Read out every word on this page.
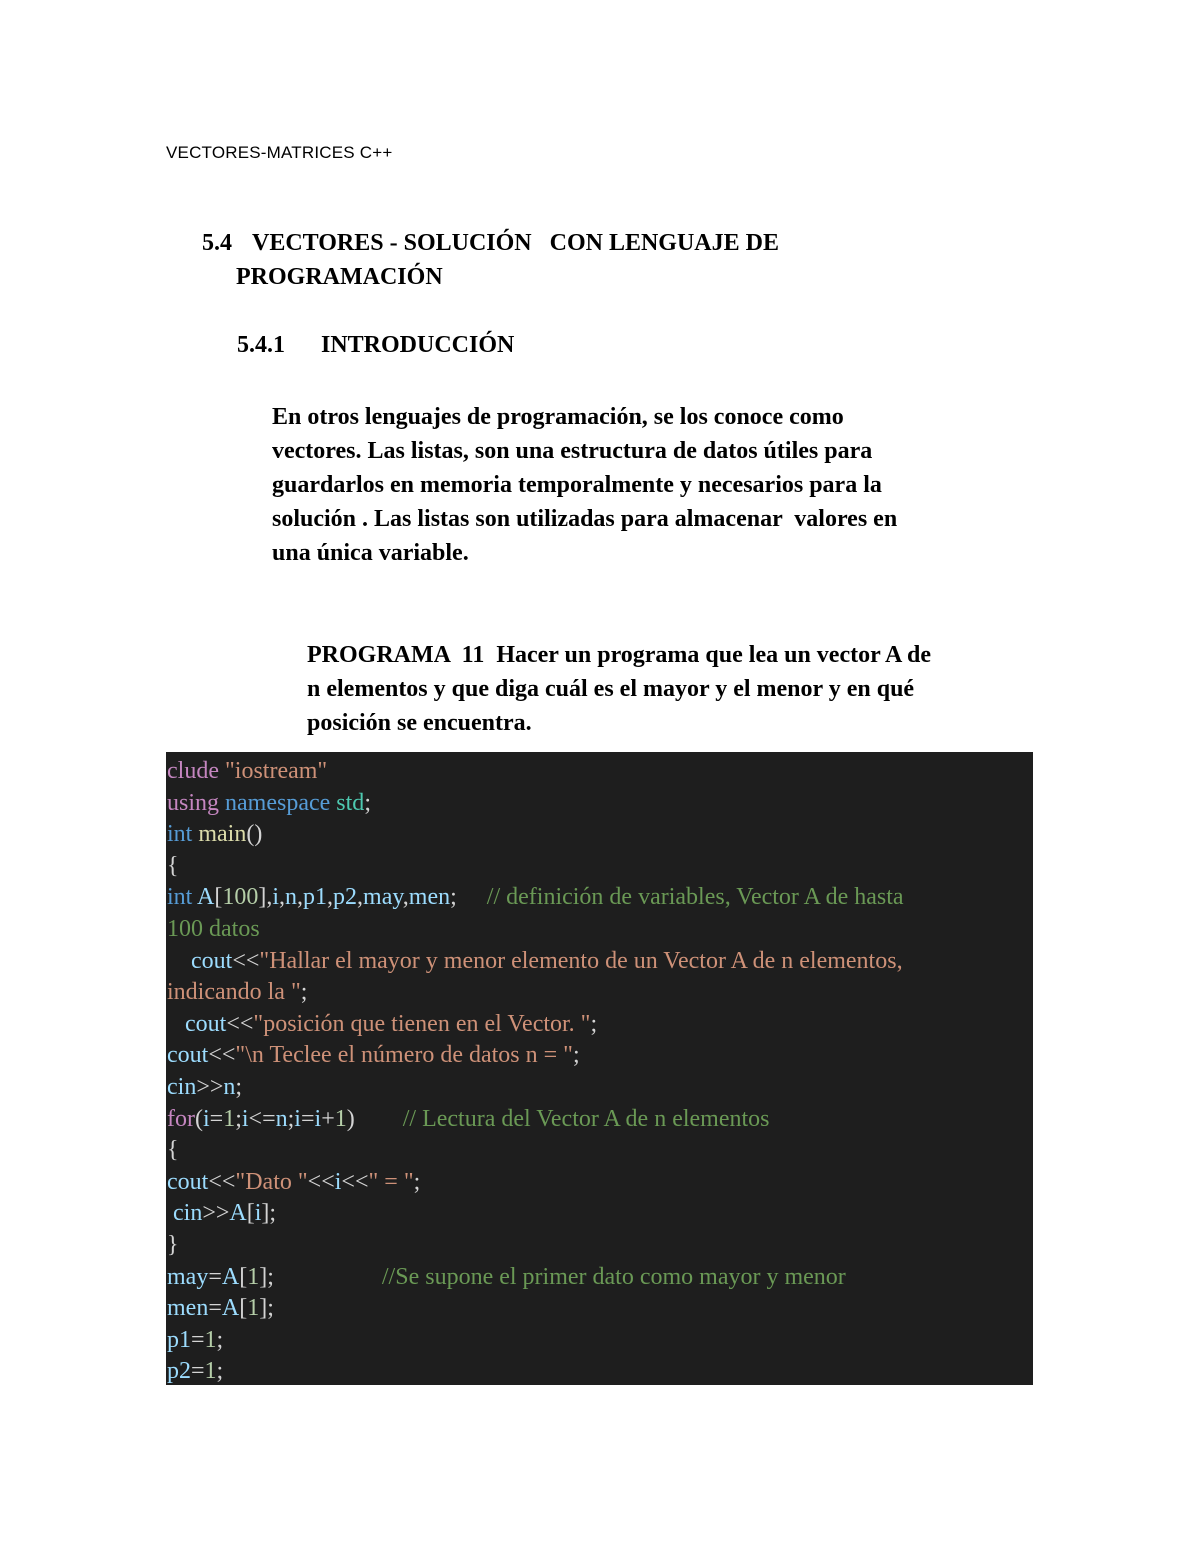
VECTORES-MATRICES C++
5.4 VECTORES - SOLUCIÓN   CON LENGUAJE DE
PROGRAMACIÓN
5.4.1 INTRODUCCIÓN
En otros lenguajes de programación, se los conoce como
vectores. Las listas, son una estructura de datos útiles para
guardarlos en memoria temporalmente y necesarios para la
solución . Las listas son utilizadas para almacenar  valores en
una única variable.
PROGRAMA  11  Hacer un programa que lea un vector A de
n elementos y que diga cuál es el mayor y el menor y en qué
posición se encuentra.
clude "iostream"
using namespace std;
int main()
{
int A[100],i,n,p1,p2,may,men;     // definición de variables, Vector A de hasta
100 datos
cout<<"Hallar el mayor y menor elemento de un Vector A de n elementos,
indicando la ";
cout<<"posición que tienen en el Vector. ";
cout<<"\n Teclee el número de datos n = ";
cin>>n;
for(i=1;i<=n;i=i+1)        // Lectura del Vector A de n elementos
{
cout<<"Dato "<<i<<" = ";
cin>>A[i];
}
may=A[1];                  //Se supone el primer dato como mayor y menor
men=A[1];
p1=1;
p2=1;
